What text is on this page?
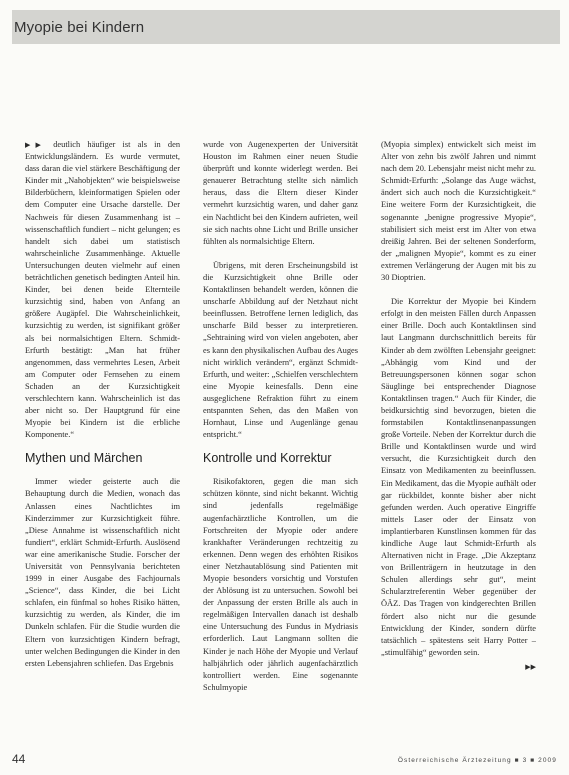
Myopie bei Kindern

▶▶ deutlich häufiger ist als in den Entwicklungsländern. Es wurde vermutet, dass daran die viel stärkere Beschäftigung der Kinder mit „Nahobjekten“ wie beispielsweise Bilderbüchern, kleinformatigen Spielen oder dem Computer eine Ursache darstelle. Der Nachweis für diesen Zusammenhang ist – wissenschaftlich fundiert – nicht gelungen; es handelt sich dabei um statistisch wahrscheinliche Zusammenhänge. Aktuelle Untersuchungen deuten vielmehr auf einen beträchtlichen genetisch bedingten Anteil hin. Kinder, bei denen beide Elternteile kurzsichtig sind, haben von Anfang an größere Augäpfel. Die Wahrscheinlichkeit, kurzsichtig zu werden, ist signifikant größer als bei normalsichtigen Eltern. Schmidt-Erfurth bestätigt: „Man hat früher angenommen, dass vermehrtes Lesen, Arbeit am Computer oder Fernsehen zu einem Schaden an der Kurzsichtigkeit verschlechtern kann. Wahrscheinlich ist das aber nicht so. Der Hauptgrund für eine Myopie bei Kindern ist die erbliche Komponente.“

Mythen und Märchen

Immer wieder geisterte auch die Behauptung durch die Medien, wonach das Anlassen eines Nachtlichtes im Kinderzimmer zur Kurzsichtigkeit führe. „Diese Annahme ist wissenschaftlich nicht fundiert“, erklärt Schmidt-Erfurth. Auslösend war eine amerikanische Studie. Forscher der Universität von Pennsylvania berichteten 1999 in einer Ausgabe des Fachjournals „Science“, dass Kinder, die bei Licht schlafen, ein fünfmal so hohes Risiko hätten, kurzsichtig zu werden, als Kinder, die im Dunkeln schlafen. Für die Studie wurden die Eltern von kurzsichtigen Kindern befragt, unter welchen Bedingungen die Kinder in den ersten Lebensjahren schliefen. Das Ergebnis

wurde von Augenexperten der Universität Houston im Rahmen einer neuen Studie überprüft und konnte widerlegt werden. Bei genauerer Betrachtung stellte sich nämlich heraus, dass die Eltern dieser Kinder vermehrt kurzsichtig waren, und daher ganz ein Nachtlicht bei den Kindern aufrieten, weil sie sich nachts ohne Licht und Brille unsicher fühlten als normalsichtige Eltern.

Übrigens, mit deren Erscheinungsbild ist die Kurzsichtigkeit ohne Brille oder Kontaktlinsen behandelt werden, können die unscharfe Abbildung auf der Netzhaut nicht beeinflussen. Betroffene lernen lediglich, das unscharfe Bild besser zu interpretieren. „Sehtraining wird von vielen angeboten, aber es kann den physikalischen Aufbau des Auges nicht wirklich verändern“, ergänzt Schmidt-Erfurth, und weiter: „Schielfen verschlechtern eine Myopie keinesfalls. Denn eine ausgeglichene Refraktion führt zu einem entspannten Sehen, das den Maßen von Hornhaut, Linse und Augenlänge genau entspricht.“

Kontrolle und Korrektur

Risikofaktoren, gegen die man sich schützen könnte, sind nicht bekannt. Wichtig sind jedenfalls regelmäßige augenfachärztliche Kontrollen, um die Fortschreiten der Myopie oder andere krankhafter Veränderungen rechtzeitig zu erkennen. Denn wegen des erhöhten Risikos einer Netzhautablösung sind Patienten mit Myopie besonders vorsichtig und Vorstufen der Ablösung ist zu untersuchen. Sowohl bei der Anpassung der ersten Brille als auch in regelmäßigen Intervallen danach ist deshalb eine Untersuchung des Fundus in Mydriasis erforderlich. Laut Langmann sollten die Kinder je nach Höhe der Myopie und Verlauf halbjährlich oder jährlich augenfachärztlich kontrolliert werden. Eine sogenannte Schulmyopie

(Myopia simplex) entwickelt sich meist im Alter von zehn bis zwölf Jahren und nimmt nach dem 20. Lebensjahr meist nicht mehr zu. Schmidt-Erfurth: „Solange das Auge wächst, ändert sich auch noch die Kurzsichtigkeit.“ Eine weitere Form der Kurzsichtigkeit, die sogenannte „benigne progressive Myopie“, stabilisiert sich meist erst im Alter von etwa dreißig Jahren. Bei der seltenen Sonderform, der „malignen Myopie“, kommt es zu einer extremen Verlängerung der Augen mit bis zu 30 Dioptrien.

Die Korrektur der Myopie bei Kindern erfolgt in den meisten Fällen durch Anpassen einer Brille. Doch auch Kontaktlinsen sind laut Langmann durchschnittlich bereits für Kinder ab dem zwölften Lebensjahr geeignet: „Abhängig vom Kind und der Betreuungspersonen können sogar schon Säuglinge bei entsprechender Diagnose Kontaktlinsen tragen.“ Auch für Kinder, die beidkursichtig sind bevorzugen, bieten die formstabilen Kontaktlinsenanpassungen große Vorteile. Neben der Korrektur durch die Brille und Kontaktlinsen wurde und wird versucht, die Kurzsichtigkeit durch den Einsatz von Medikamenten zu beeinflussen. Ein Medikament, das die Myopie aufhält oder gar rückbildet, konnte bisher aber nicht gefunden werden. Auch operative Eingriffe mittels Laser oder der Einsatz von implantierbaren Kunstlinsen kommen für das kindliche Auge laut Schmidt-Erfurth als Alternativen nicht in Frage. „Die Akzeptanz von Brillenträgern in heutzutage in den Schulen allerdings sehr gut“, meint Schularztreferentin Weber gegenüber der ÖÄZ. Das Tragen von kindgerechten Brillen fördert also nicht nur die gesunde Entwicklung der Kinder, sondern dürfte tatsächlich – spätestens seit Harry Potter – „stimulfähig“ geworden sein.

▶▶
44	Österreichische Ärztezeitung ■ 3 ■ 2009
